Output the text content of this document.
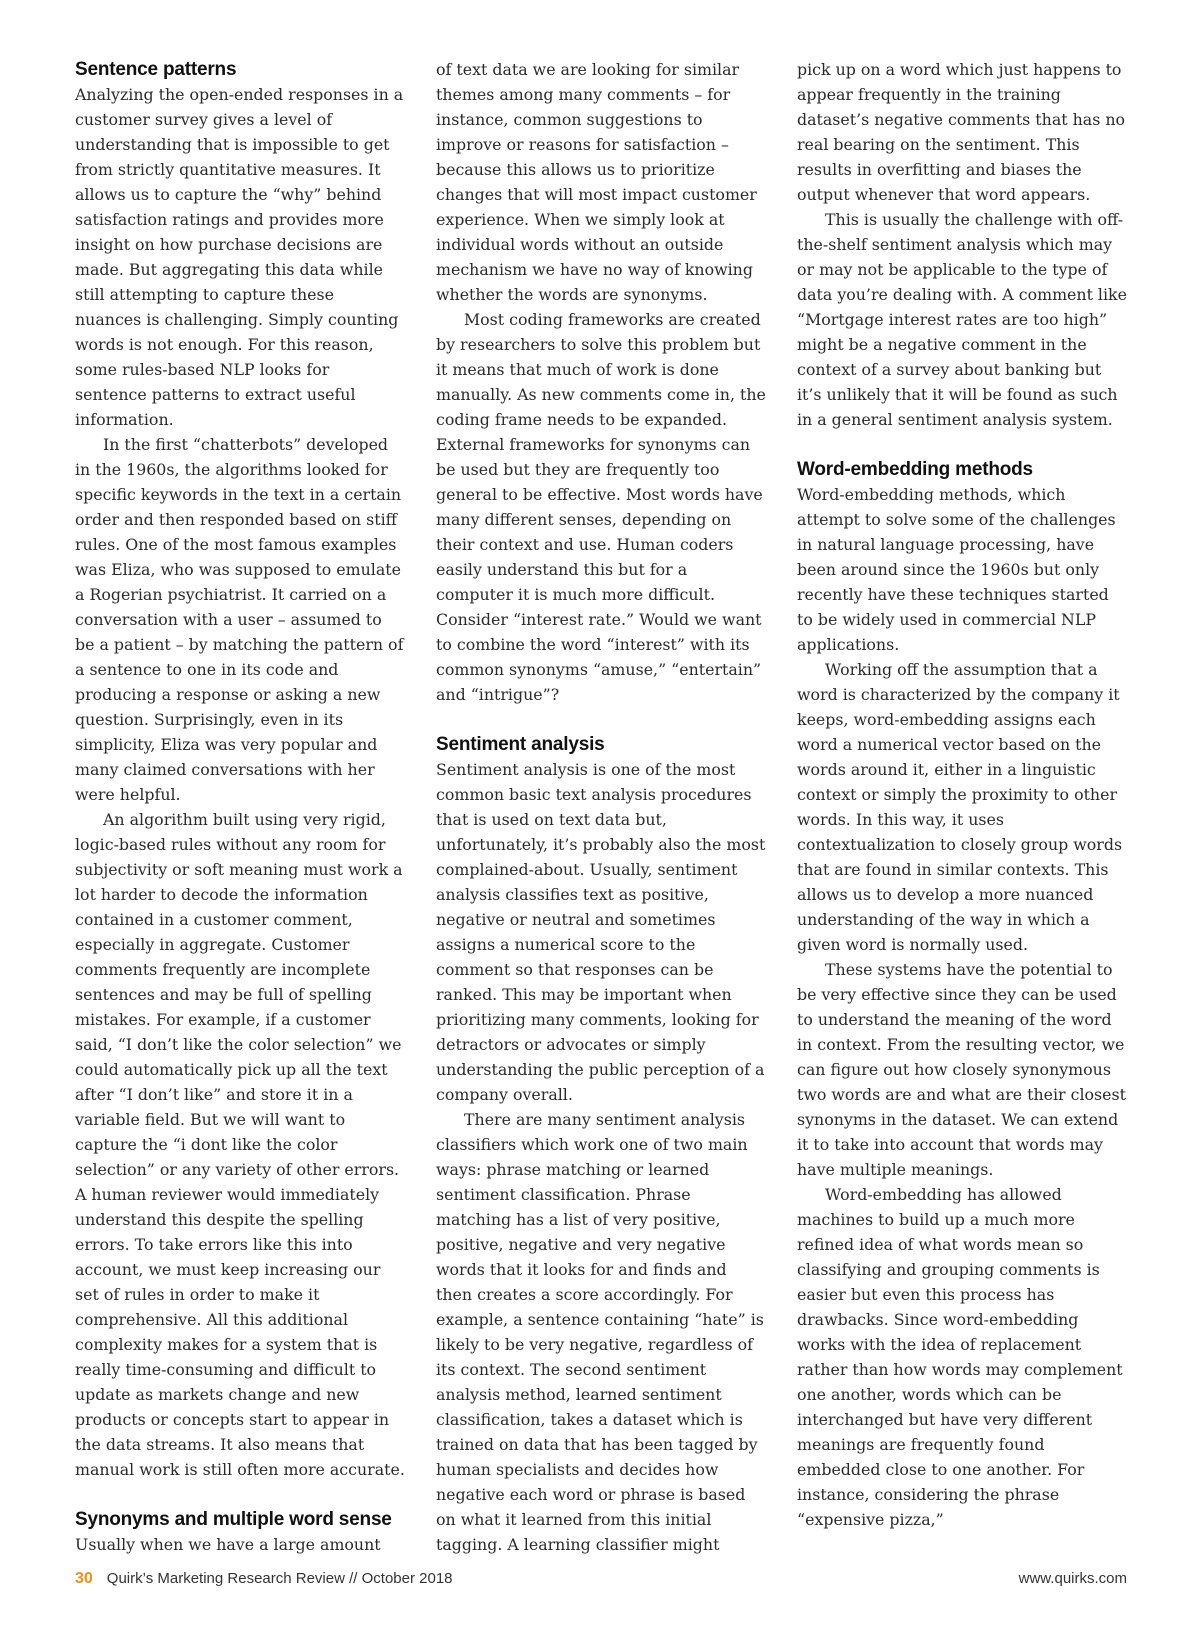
Sentence patterns

Analyzing the open-ended responses in a customer survey gives a level of understanding that is impossible to get from strictly quantitative measures. It allows us to capture the “why” behind satisfaction ratings and provides more insight on how purchase decisions are made. But aggregating this data while still attempting to capture these nuances is challenging. Simply counting words is not enough. For this reason, some rules-based NLP looks for sentence patterns to extract useful information.

In the first “chatterbots” developed in the 1960s, the algorithms looked for specific keywords in the text in a certain order and then responded based on stiff rules. One of the most famous examples was Eliza, who was supposed to emulate a Rogerian psychiatrist. It carried on a conversation with a user – assumed to be a patient – by matching the pattern of a sentence to one in its code and producing a response or asking a new question. Surprisingly, even in its simplicity, Eliza was very popular and many claimed conversations with her were helpful.

An algorithm built using very rigid, logic-based rules without any room for subjectivity or soft meaning must work a lot harder to decode the information contained in a customer comment, especially in aggregate. Customer comments frequently are incomplete sentences and may be full of spelling mistakes. For example, if a customer said, “I don’t like the color selection” we could automatically pick up all the text after “I don’t like” and store it in a variable field. But we will want to capture the “i dont like the color selection” or any variety of other errors. A human reviewer would immediately understand this despite the spelling errors. To take errors like this into account, we must keep increasing our set of rules in order to make it comprehensive. All this additional complexity makes for a system that is really time-consuming and difficult to update as markets change and new products or concepts start to appear in the data streams. It also means that manual work is still often more accurate.

Synonyms and multiple word sense

Usually when we have a large amount

of text data we are looking for similar themes among many comments – for instance, common suggestions to improve or reasons for satisfaction – because this allows us to prioritize changes that will most impact customer experience. When we simply look at individual words without an outside mechanism we have no way of knowing whether the words are synonyms.

Most coding frameworks are created by researchers to solve this problem but it means that much of work is done manually. As new comments come in, the coding frame needs to be expanded. External frameworks for synonyms can be used but they are frequently too general to be effective. Most words have many different senses, depending on their context and use. Human coders easily understand this but for a computer it is much more difficult. Consider “interest rate.” Would we want to combine the word “interest” with its common synonyms “amuse,” “entertain” and “intrigue”?

Sentiment analysis

Sentiment analysis is one of the most common basic text analysis procedures that is used on text data but, unfortunately, it’s probably also the most complained-about. Usually, sentiment analysis classifies text as positive, negative or neutral and sometimes assigns a numerical score to the comment so that responses can be ranked. This may be important when prioritizing many comments, looking for detractors or advocates or simply understanding the public perception of a company overall.

There are many sentiment analysis classifiers which work one of two main ways: phrase matching or learned sentiment classification. Phrase matching has a list of very positive, positive, negative and very negative words that it looks for and finds and then creates a score accordingly. For example, a sentence containing “hate” is likely to be very negative, regardless of its context. The second sentiment analysis method, learned sentiment classification, takes a dataset which is trained on data that has been tagged by human specialists and decides how negative each word or phrase is based on what it learned from this initial tagging. A learning classifier might

pick up on a word which just happens to appear frequently in the training dataset’s negative comments that has no real bearing on the sentiment. This results in overfitting and biases the output whenever that word appears.

This is usually the challenge with off-the-shelf sentiment analysis which may or may not be applicable to the type of data you’re dealing with. A comment like “Mortgage interest rates are too high” might be a negative comment in the context of a survey about banking but it’s unlikely that it will be found as such in a general sentiment analysis system.

Word-embedding methods

Word-embedding methods, which attempt to solve some of the challenges in natural language processing, have been around since the 1960s but only recently have these techniques started to be widely used in commercial NLP applications.

Working off the assumption that a word is characterized by the company it keeps, word-embedding assigns each word a numerical vector based on the words around it, either in a linguistic context or simply the proximity to other words. In this way, it uses contextualization to closely group words that are found in similar contexts. This allows us to develop a more nuanced understanding of the way in which a given word is normally used.

These systems have the potential to be very effective since they can be used to understand the meaning of the word in context. From the resulting vector, we can figure out how closely synonymous two words are and what are their closest synonyms in the dataset. We can extend it to take into account that words may have multiple meanings.

Word-embedding has allowed machines to build up a much more refined idea of what words mean so classifying and grouping comments is easier but even this process has drawbacks. Since word-embedding works with the idea of replacement rather than how words may complement one another, words which can be interchanged but have very different meanings are frequently found embedded close to one another. For instance, considering the phrase “expensive pizza,”

30 Quirk’s Marketing Research Review // October 2018	www.quirks.com
